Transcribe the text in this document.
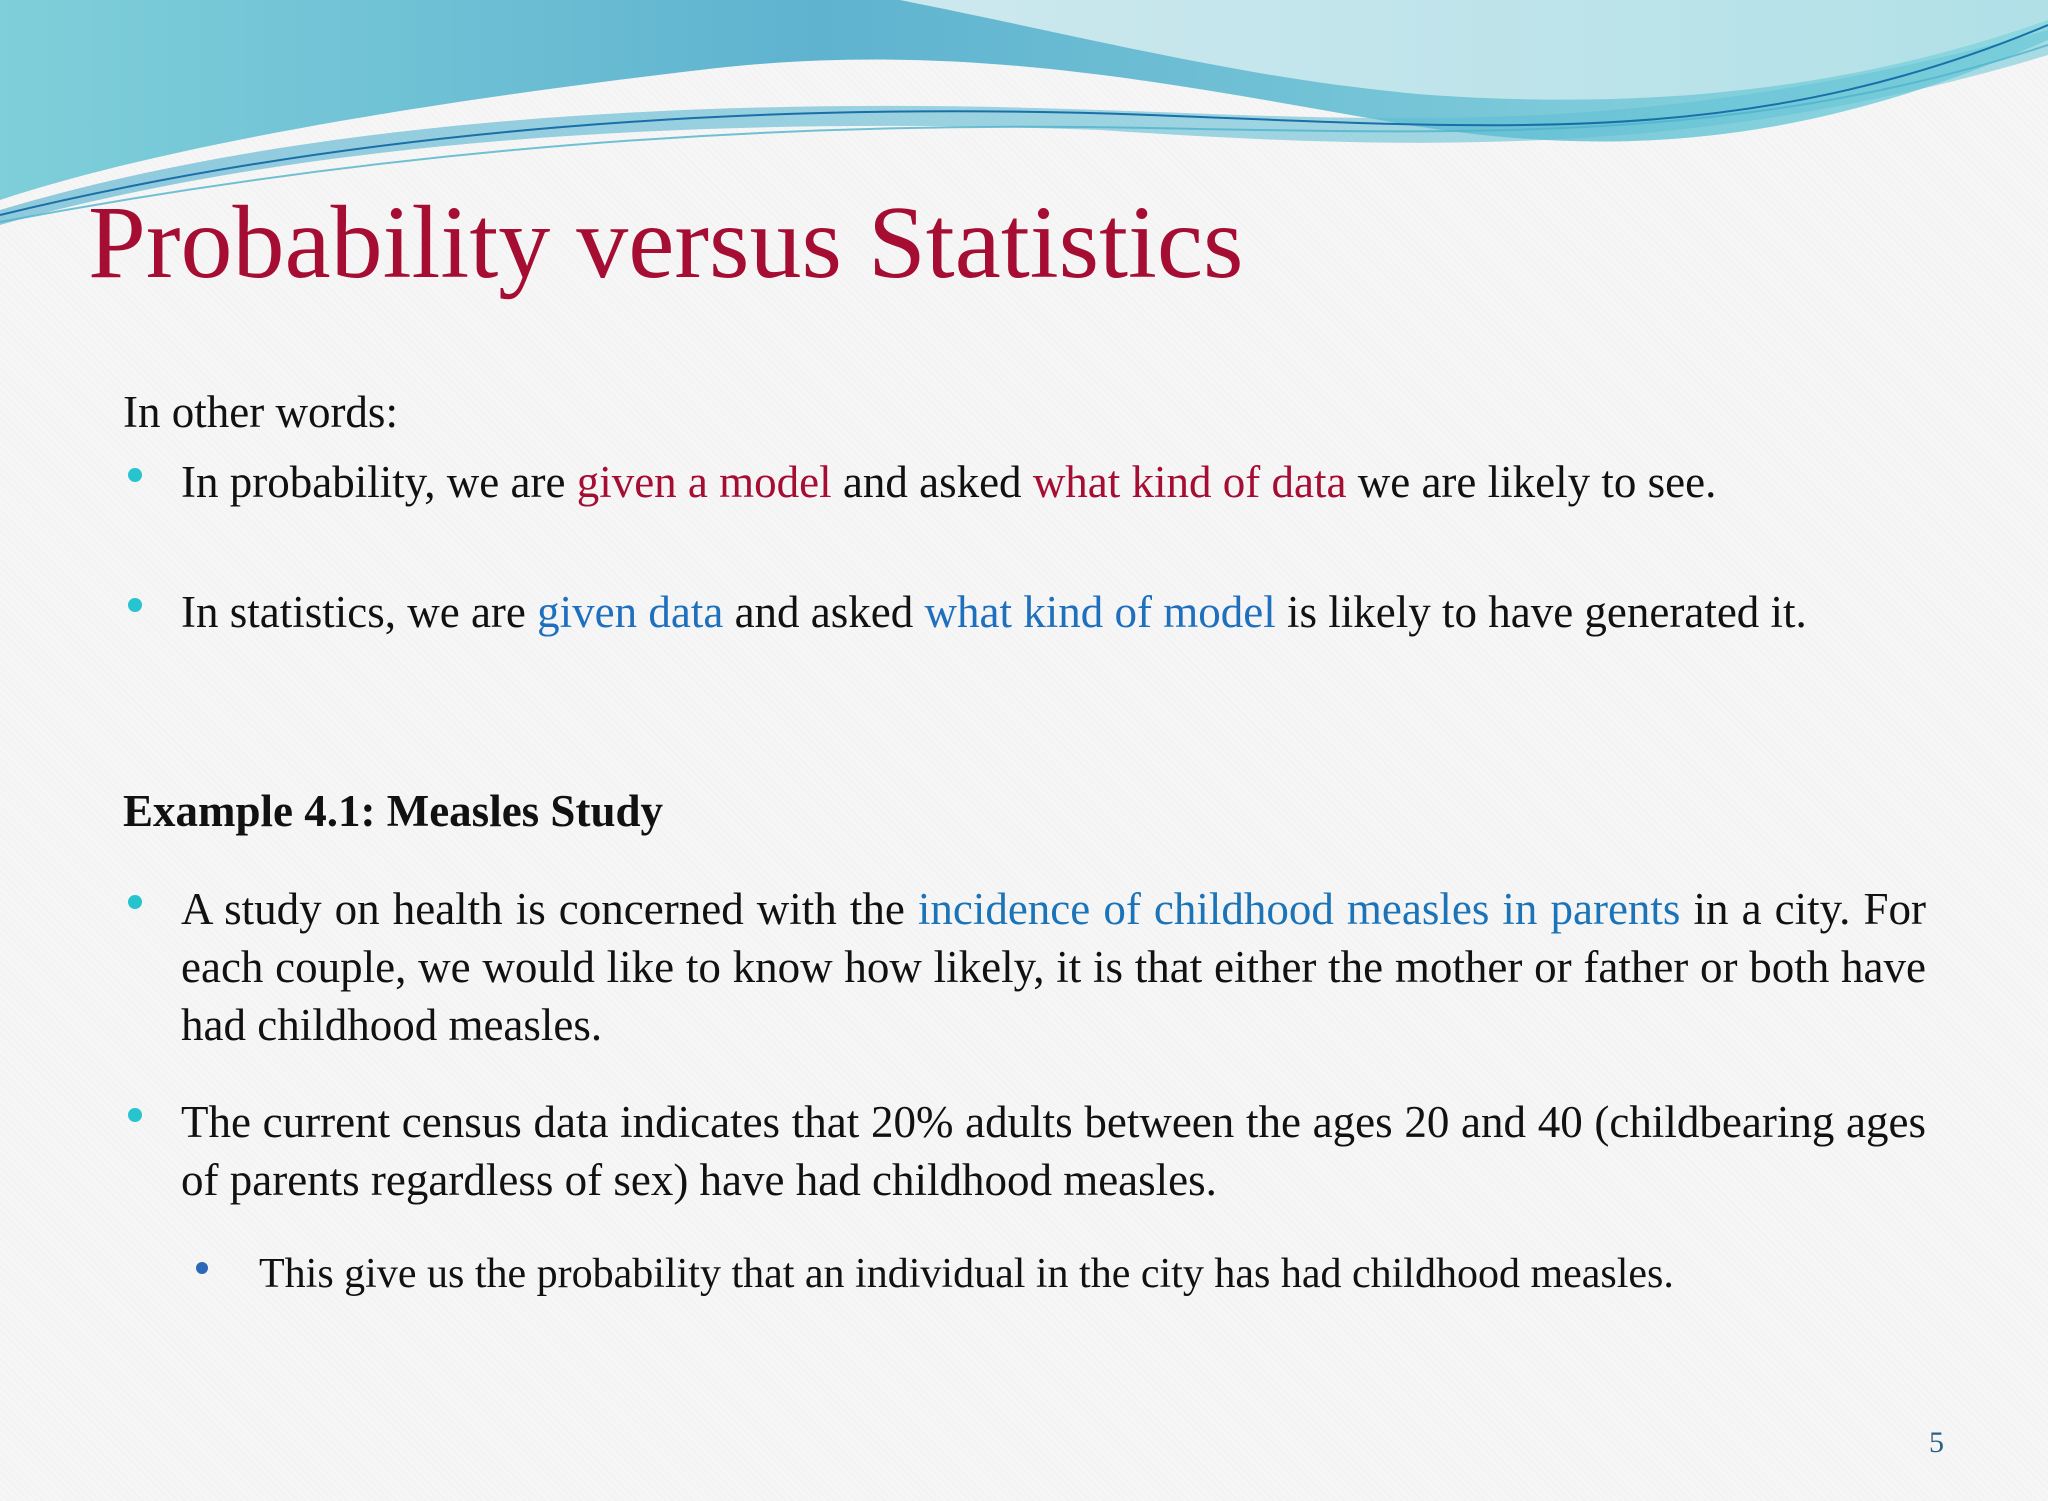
Probability versus Statistics
In other words:
In probability, we are given a model and asked what kind of data we are likely to see.
In statistics, we are given data and asked what kind of model is likely to have generated it.
Example 4.1: Measles Study
A study on health is concerned with the incidence of childhood measles in parents in a city. For each couple, we would like to know how likely, it is that either the mother or father or both have had childhood measles.
The current census data indicates that 20% adults between the ages 20 and 40 (childbearing ages of parents regardless of sex) have had childhood measles.
This give us the probability that an individual in the city has had childhood measles.
5
